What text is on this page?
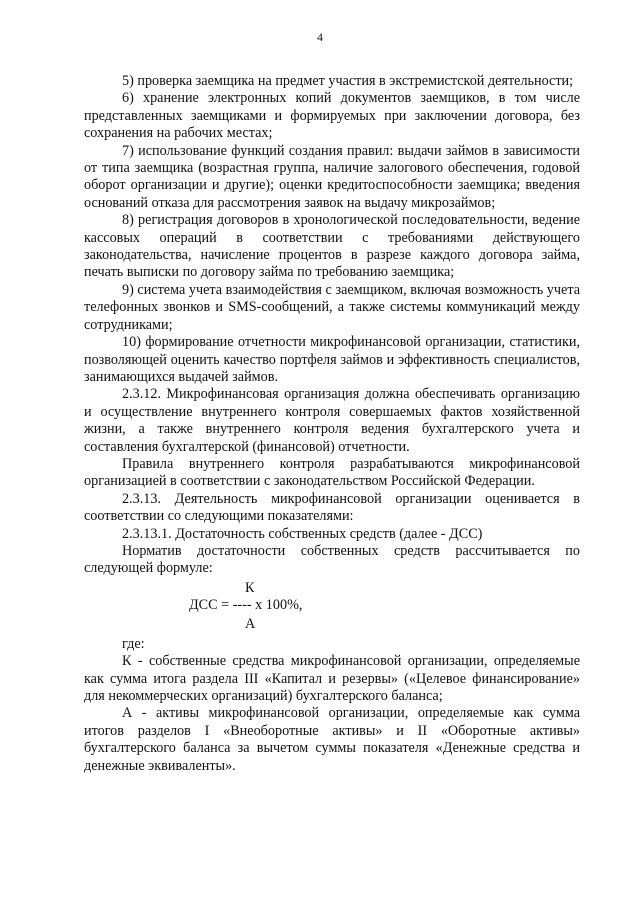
4

5) проверка заемщика на предмет участия в экстремистской деятельности;

6) хранение электронных копий документов заемщиков, в том числе представленных заемщиками и формируемых при заключении договора, без сохранения на рабочих местах;

7) использование функций создания правил: выдачи займов в зависимости от типа заемщика (возрастная группа, наличие залогового обеспечения, годовой оборот организации и другие); оценки кредитоспособности заемщика; введения оснований отказа для рассмотрения заявок на выдачу микрозаймов;

8) регистрация договоров в хронологической последовательности, ведение кассовых операций в соответствии с требованиями действующего законодательства, начисление процентов в разрезе каждого договора займа, печать выписки по договору займа по требованию заемщика;

9) система учета взаимодействия с заемщиком, включая возможность учета телефонных звонков и SMS-сообщений, а также системы коммуникаций между сотрудниками;

10) формирование отчетности микрофинансовой организации, статистики, позволяющей оценить качество портфеля займов и эффективность специалистов, занимающихся выдачей займов.

2.3.12. Микрофинансовая организация должна обеспечивать организацию и осуществление внутреннего контроля совершаемых фактов хозяйственной жизни, а также внутреннего контроля ведения бухгалтерского учета и составления бухгалтерской (финансовой) отчетности.

Правила внутреннего контроля разрабатываются микрофинансовой организацией в соответствии с законодательством Российской Федерации.

2.3.13. Деятельность микрофинансовой организации оценивается в соответствии со следующими показателями:

2.3.13.1. Достаточность собственных средств (далее - ДСС)

Норматив достаточности собственных средств рассчитывается по следующей формуле:

К
ДСС = ---- х 100%,
А

где:

К - собственные средства микрофинансовой организации, определяемые как сумма итога раздела III «Капитал и резервы» («Целевое финансирование» для некоммерческих организаций) бухгалтерского баланса;

А - активы микрофинансовой организации, определяемые как сумма итогов разделов I «Внеоборотные активы» и II «Оборотные активы» бухгалтерского баланса за вычетом суммы показателя «Денежные средства и денежные эквиваленты».
